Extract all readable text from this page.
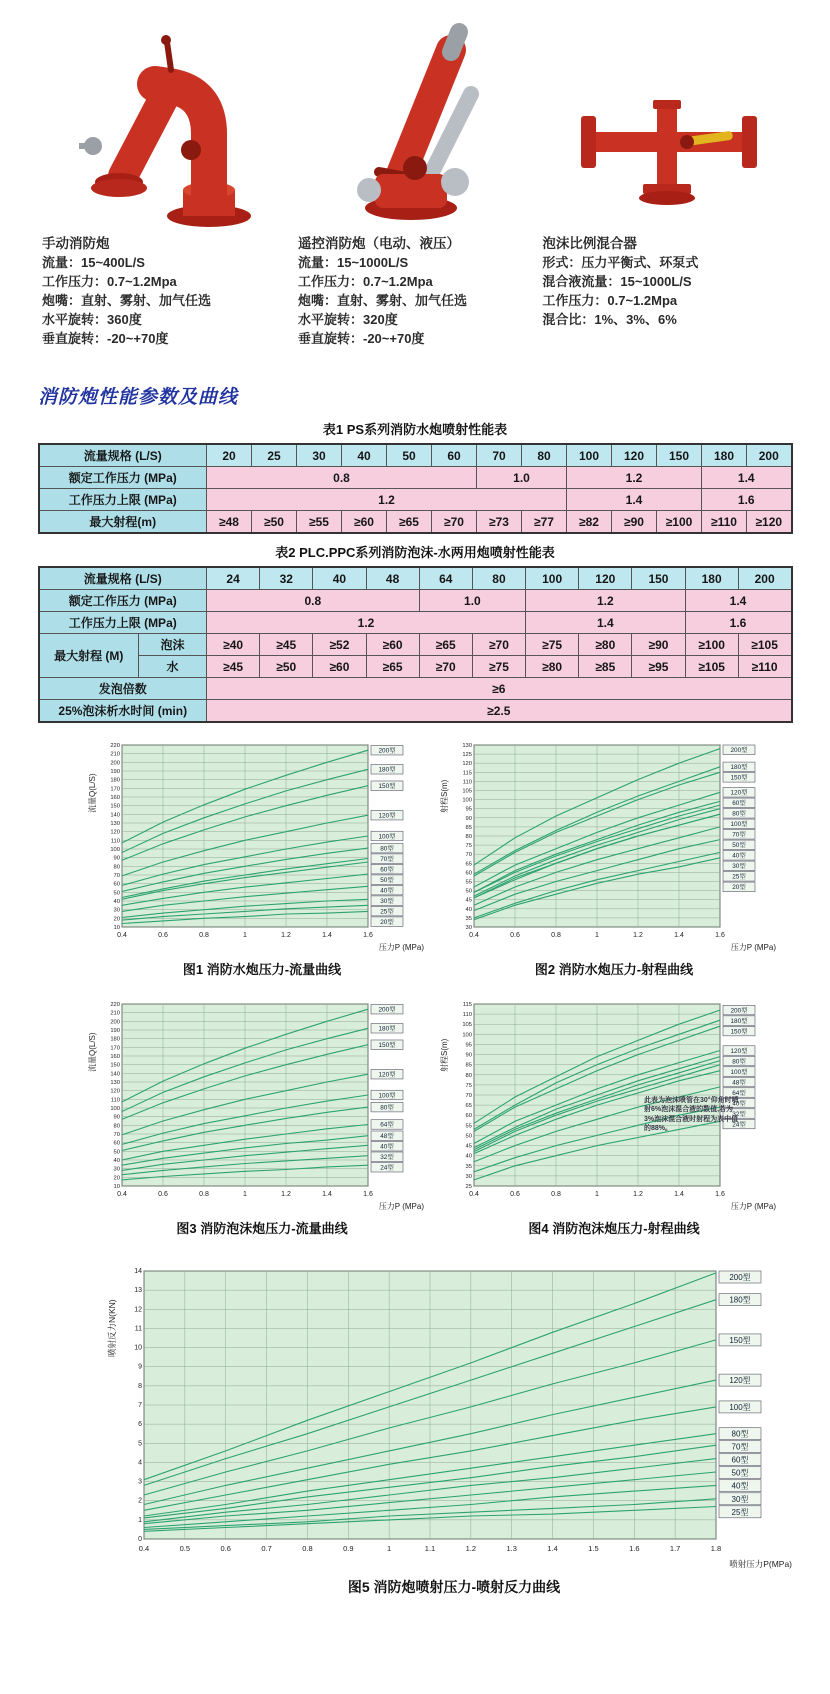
手动消防炮
流量：15~400L/S
工作压力：0.7~1.2Mpa
炮嘴：直射、雾射、加气任选
水平旋转：360度
垂直旋转：-20~+70度
遥控消防炮（电动、液压）
流量：15~1000L/S
工作压力：0.7~1.2Mpa
炮嘴：直射、雾射、加气任选
水平旋转：320度
垂直旋转：-20~+70度
泡沫比例混合器
形式：压力平衡式、环泵式
混合液流量：15~1000L/S
工作压力：0.7~1.2Mpa
混合比：1%、3%、6%
消防炮性能参数及曲线
表1 PS系列消防水炮喷射性能表
流量规格 (L/S)	20	25	30	40	50	60	70	80	100	120	150	180	200
额定工作压力 (MPa)	0.8						1.0		1.2			1.4	
工作压力上限 (MPa)	1.2								1.4			1.6	
最大射程(m)	≥48	≥50	≥55	≥60	≥65	≥70	≥73	≥77	≥82	≥90	≥100	≥110	≥120
表2 PLC.PPC系列消防泡沫-水两用炮喷射性能表
流量规格 (L/S)		24	32	40	48	64	80	100	120	150	180	200
额定工作压力 (MPa)		0.8				1.0		1.2			1.4	
工作压力上限 (MPa)		1.2						1.4			1.6	
最大射程 (M)	泡沫	≥40	≥45	≥52	≥60	≥65	≥70	≥75	≥80	≥90	≥100	≥105
	水	≥45	≥50	≥60	≥65	≥70	≥75	≥80	≥85	≥95	≥105	≥110
发泡倍数		≥6										
25%泡沫析水时间 (min)		≥2.5										
10
20
30
40
50
60
70
80
90
100
110
120
130
140
150
160
170
180
190
200
210
220
0.4	0.6	0.8	1	1.2	1.4	1.6
200型
180型
150型
120型
100型
80型
70型
60型
50型
40型
30型
25型
20型
流量Q(L/S)
压力P (MPa)
图1 消防水炮压力-流量曲线
30
35
40
45
50
55
60
65
70
75
80
85
90
95
100
105
110
115
120
125
130
0.4	0.6	0.8	1	1.2	1.4	1.6
200型
180型
150型
120型
60型
80型
100型
70型
50型
40型
30型
25型
20型
射程S(m)
压力P (MPa)
图2 消防水炮压力-射程曲线
10
20
30
40
50
60
70
80
90
100
110
120
130
140
150
160
170
180
190
200
210
220
0.4	0.6	0.8	1	1.2	1.4	1.6
200型
180型
150型
120型
100型
80型
64型
48型
40型
32型
24型
流量Q(L/S)
压力P (MPa)
图3 消防泡沫炮压力-流量曲线
25
30
35
40
45
50
55
60
65
70
75
80
85
90
95
100
105
110
115
0.4	0.6	0.8	1	1.2	1.4	1.6
200型
180型
150型
120型
80型
100型
48型
64型
40型
32型
24型
射程S(m)
压力P (MPa)
此表为泡沫喷管在30°仰角时喷射6%泡沫混合液的数值,若为3%泡沫混合液时射程为表中值的88%。
图4 消防泡沫炮压力-射程曲线
0
1
2
3
4
5
6
7
8
9
10
11
12
13
14
0.4	0.5	0.6	0.7	0.8	0.9	1	1.1	1.2	1.3	1.4	1.5	1.6	1.7	1.8
200型
180型
150型
120型
100型
80型
70型
60型
50型
40型
30型
25型
喷射反力N(KN)
喷射压力P(MPa)
图5 消防炮喷射压力-喷射反力曲线
